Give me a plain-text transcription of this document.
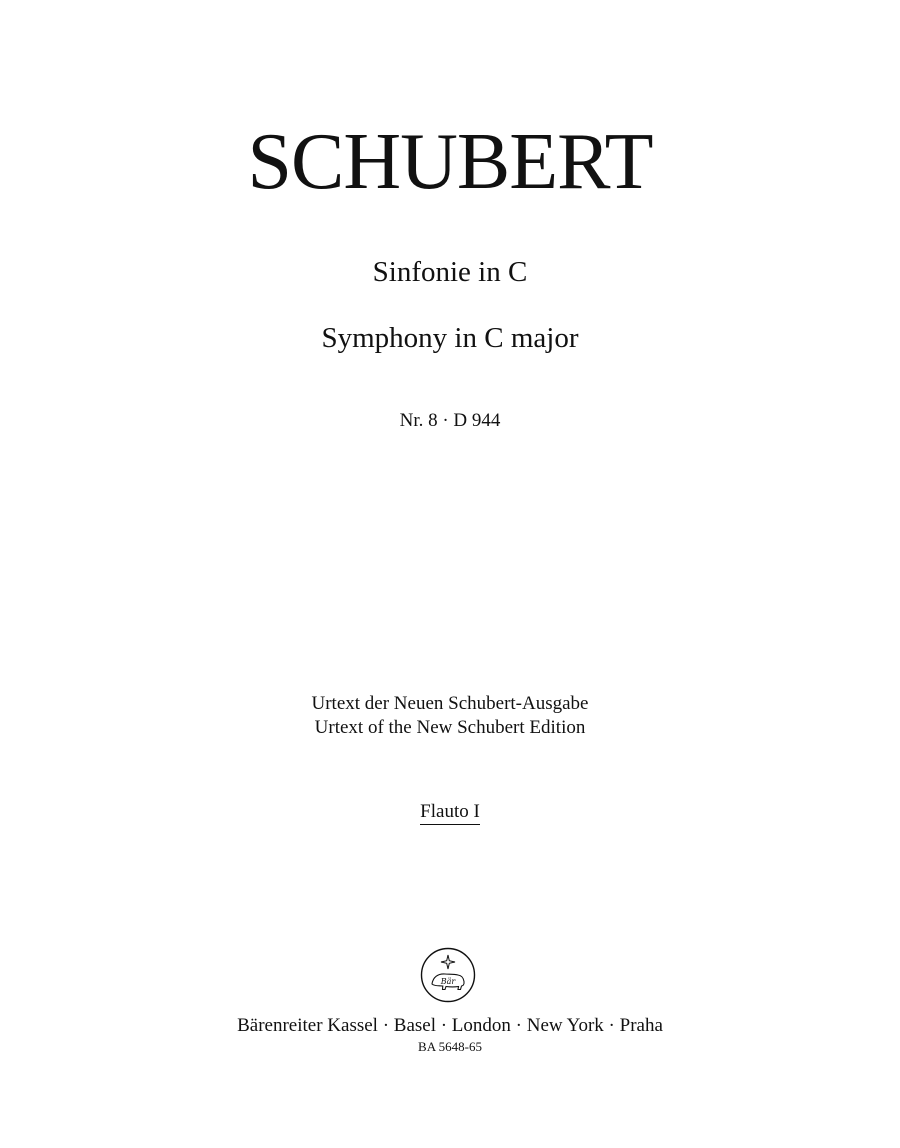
SCHUBERT
Sinfonie in C
Symphony in C major
Nr. 8 · D 944
Urtext der Neuen Schubert-Ausgabe
Urtext of the New Schubert Edition
Flauto I
Bär
Bärenreiter Kassel · Basel · London · New York · Praha
BA 5648-65
